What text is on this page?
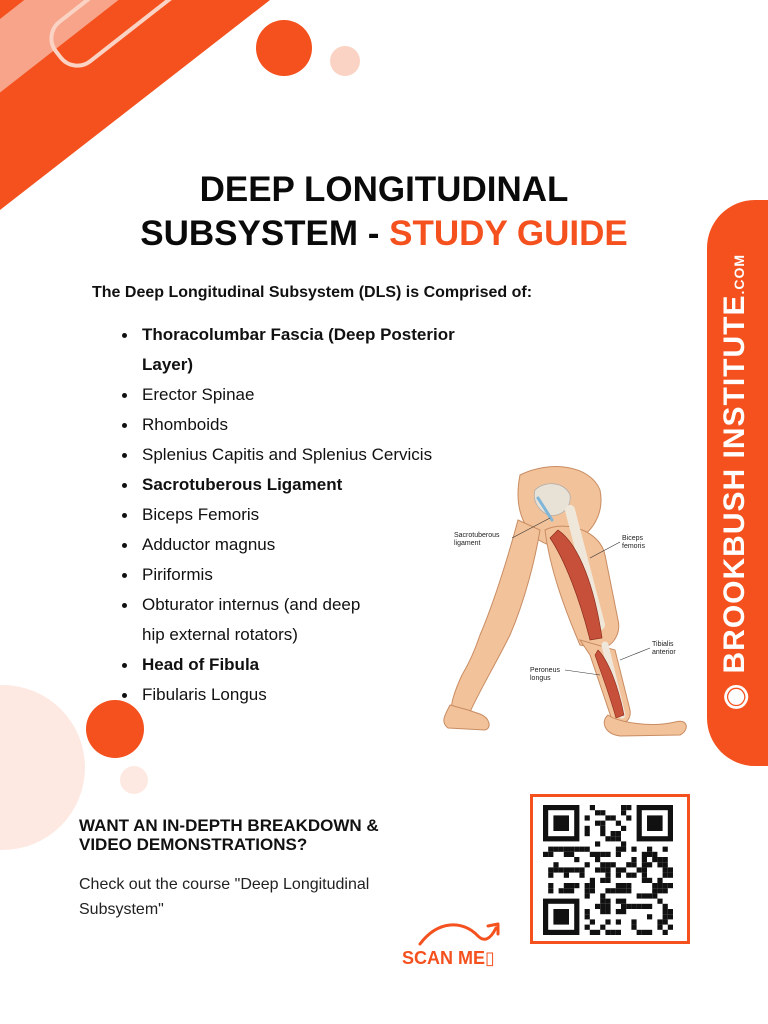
◉ BROOKBUSH INSTITUTE.COM
DEEP LONGITUDINAL
SUBSYSTEM - STUDY GUIDE
The Deep Longitudinal Subsystem (DLS) is Comprised of:
Thoracolumbar Fascia (Deep Posterior
Layer)
Erector Spinae
Rhomboids
Splenius Capitis and Splenius Cervicis
Sacrotuberous Ligament
Biceps Femoris
Adductor magnus
Piriformis
Obturator internus (and deep
hip external rotators)
Head of Fibula
Fibularis Longus
Sacrotuberous
ligament
Biceps
femoris
Tibialis
anterior
Peroneus
longus
WANT AN IN-DEPTH BREAKDOWN &
VIDEO DEMONSTRATIONS?
Check out the course "Deep Longitudinal Subsystem"
SCAN ME▯
